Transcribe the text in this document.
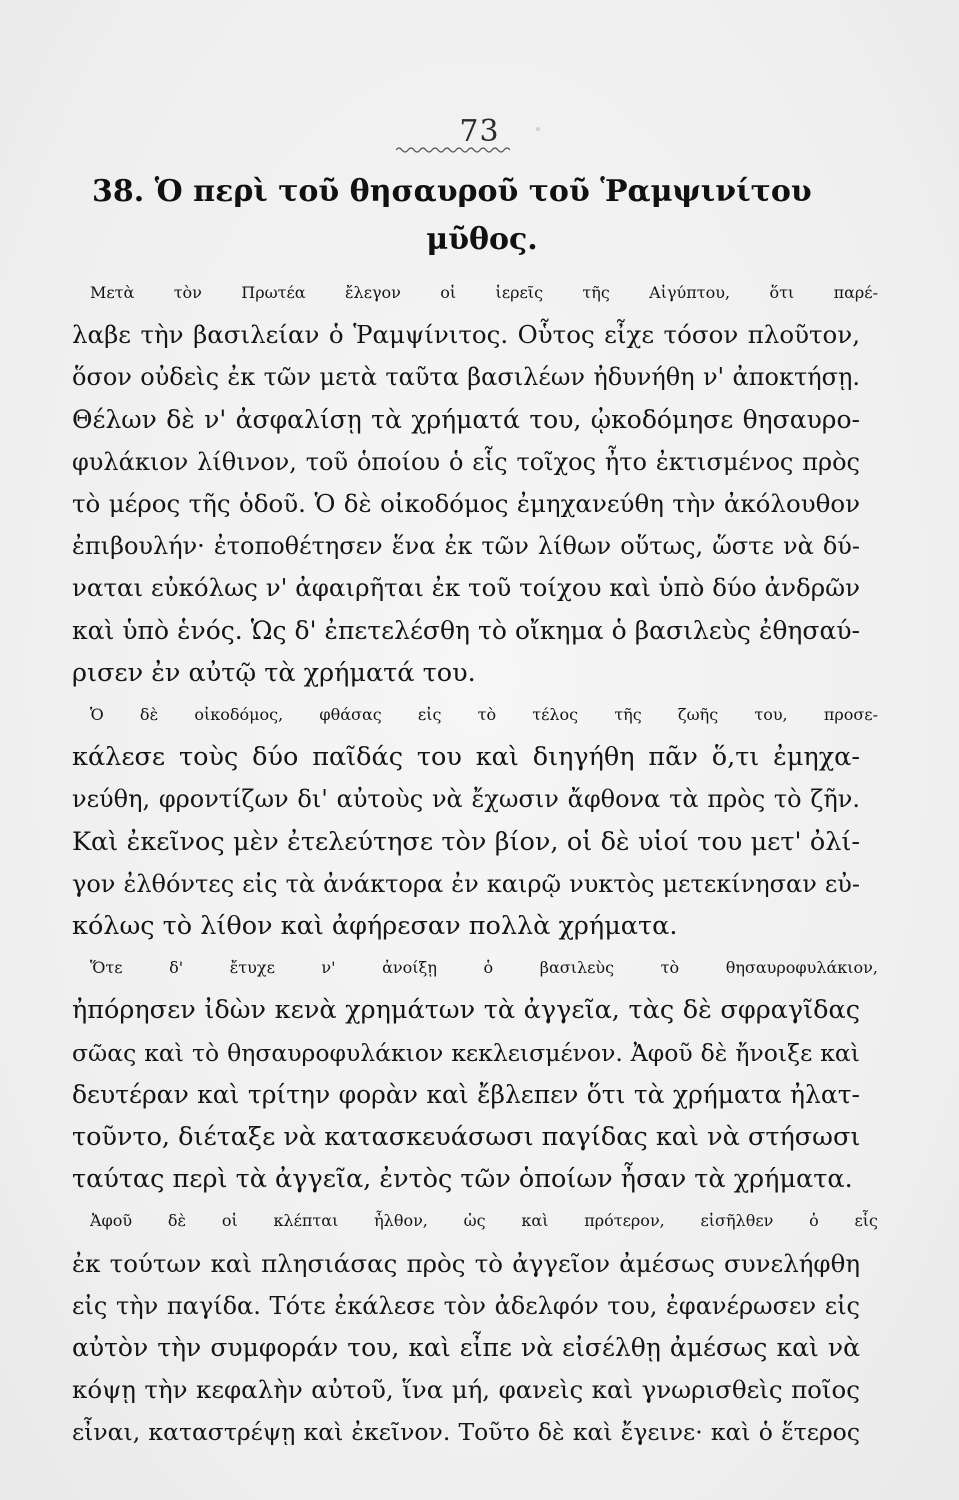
73
38. Ὁ περὶ τοῦ θησαυροῦ τοῦ Ῥαμψινίτου
μῦθος.
Μετὰ τὸν Πρωτέα ἔλεγον οἱ ἱερεῖς τῆς Αἰγύπτου, ὅτι παρέ-
λαβε τὴν βασιλείαν ὁ Ῥαμψίνιτος. Οὗτος εἶχε τόσον πλοῦτον,
ὅσον οὐδεὶς ἐκ τῶν μετὰ ταῦτα βασιλέων ἠδυνήθη ν' ἀποκτήσῃ.
Θέλων δὲ ν' ἀσφαλίσῃ τὰ χρήματά του, ᾠκοδόμησε θησαυρο-
φυλάκιον λίθινον, τοῦ ὁποίου ὁ εἷς τοῖχος ἦτο ἐκτισμένος πρὸς
τὸ μέρος τῆς ὁδοῦ. Ὁ δὲ οἰκοδόμος ἐμηχανεύθη τὴν ἀκόλουθον
ἐπιβουλήν· ἐτοποθέτησεν ἕνα ἐκ τῶν λίθων οὕτως, ὥστε νὰ δύ-
ναται εὐκόλως ν' ἀφαιρῆται ἐκ τοῦ τοίχου καὶ ὑπὸ δύο ἀνδρῶν
καὶ ὑπὸ ἑνός. Ὡς δ' ἐπετελέσθη τὸ οἴκημα ὁ βασιλεὺς ἐθησαύ-
ρισεν ἐν αὐτῷ τὰ χρήματά του.
Ὁ δὲ οἰκοδόμος, φθάσας εἰς τὸ τέλος τῆς ζωῆς του, προσε-
κάλεσε τοὺς δύο παῖδάς του καὶ διηγήθη πᾶν ὅ,τι ἐμηχα-
νεύθη, φροντίζων δι' αὐτοὺς νὰ ἔχωσιν ἄφθονα τὰ πρὸς τὸ ζῆν.
Καὶ ἐκεῖνος μὲν ἐτελεύτησε τὸν βίον, οἱ δὲ υἱοί του μετ' ὀλί-
γον ἐλθόντες εἰς τὰ ἀνάκτορα ἐν καιρῷ νυκτὸς μετεκίνησαν εὐ-
κόλως τὸ λίθον καὶ ἀφήρεσαν πολλὰ χρήματα.
Ὅτε δ' ἔτυχε ν' ἀνοίξῃ ὁ βασιλεὺς τὸ θησαυροφυλάκιον,
ἠπόρησεν ἰδὼν κενὰ χρημάτων τὰ ἀγγεῖα, τὰς δὲ σφραγῖδας
σῶας καὶ τὸ θησαυροφυλάκιον κεκλεισμένον. Ἀφοῦ δὲ ἤνοιξε καὶ
δευτέραν καὶ τρίτην φορὰν καὶ ἔβλεπεν ὅτι τὰ χρήματα ἠλατ-
τοῦντο, διέταξε νὰ κατασκευάσωσι παγίδας καὶ νὰ στήσωσι
ταύτας περὶ τὰ ἀγγεῖα, ἐντὸς τῶν ὁποίων ἦσαν τὰ χρήματα.
Ἀφοῦ δὲ οἱ κλέπται ἦλθον, ὡς καὶ πρότερον, εἰσῆλθεν ὁ εἷς
ἐκ τούτων καὶ πλησιάσας πρὸς τὸ ἀγγεῖον ἀμέσως συνελήφθη
εἰς τὴν παγίδα. Τότε ἐκάλεσε τὸν ἀδελφόν του, ἐφανέρωσεν εἰς
αὐτὸν τὴν συμφοράν του, καὶ εἶπε νὰ εἰσέλθῃ ἀμέσως καὶ νὰ
κόψῃ τὴν κεφαλὴν αὐτοῦ, ἵνα μή, φανεὶς καὶ γνωρισθεὶς ποῖος
εἶναι, καταστρέψῃ καὶ ἐκεῖνον. Τοῦτο δὲ καὶ ἔγεινε· καὶ ὁ ἕτερος
